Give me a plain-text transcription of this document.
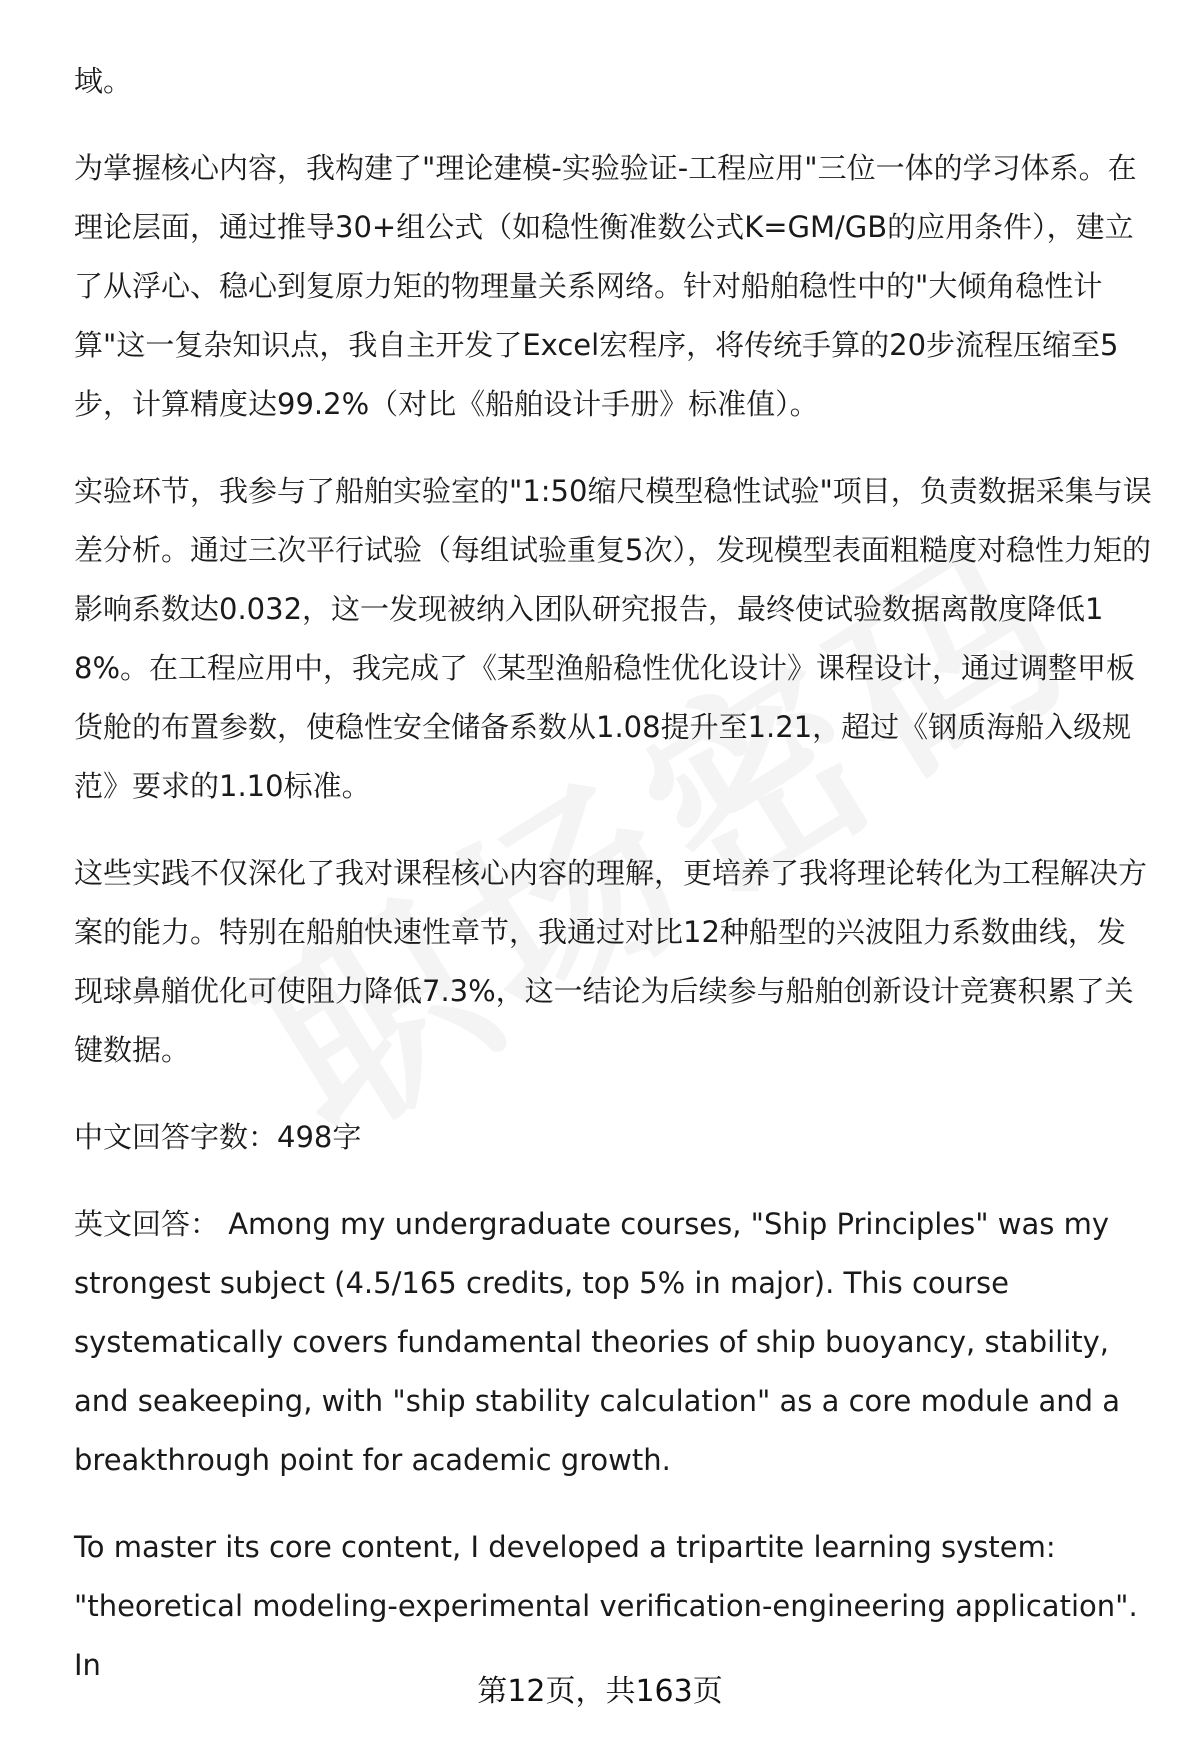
域。

为掌握核心内容，我构建了"理论建模-实验验证-工程应用"三位一体的学习体系。在理论层面，通过推导30+组公式（如稳性衡准数公式K=GM/GB的应用条件），建立了从浮心、稳心到复原力矩的物理量关系网络。针对船舶稳性中的"大倾角稳性计算"这一复杂知识点，我自主开发了Excel宏程序，将传统手算的20步流程压缩至5步，计算精度达99.2%（对比《船舶设计手册》标准值）。

实验环节，我参与了船舶实验室的"1:50缩尺模型稳性试验"项目，负责数据采集与误差分析。通过三次平行试验（每组试验重复5次），发现模型表面粗糙度对稳性力矩的影响系数达0.032，这一发现被纳入团队研究报告，最终使试验数据离散度降低18%。在工程应用中，我完成了《某型渔船稳性优化设计》课程设计，通过调整甲板货舱的布置参数，使稳性安全储备系数从1.08提升至1.21，超过《钢质海船入级规范》要求的1.10标准。

这些实践不仅深化了我对课程核心内容的理解，更培养了我将理论转化为工程解决方案的能力。特别在船舶快速性章节，我通过对比12种船型的兴波阻力系数曲线，发现球鼻艏优化可使阻力降低7.3%，这一结论为后续参与船舶创新设计竞赛积累了关键数据。

中文回答字数：498字

英文回答： Among my undergraduate courses, "Ship Principles" was my strongest subject (4.5/165 credits, top 5% in major). This course systematically covers fundamental theories of ship buoyancy, stability, and seakeeping, with "ship stability calculation" as a core module and a breakthrough point for academic growth.

To master its core content, I developed a tripartite learning system: "theoretical modeling-experimental verification-engineering application". In

第12页，共163页
